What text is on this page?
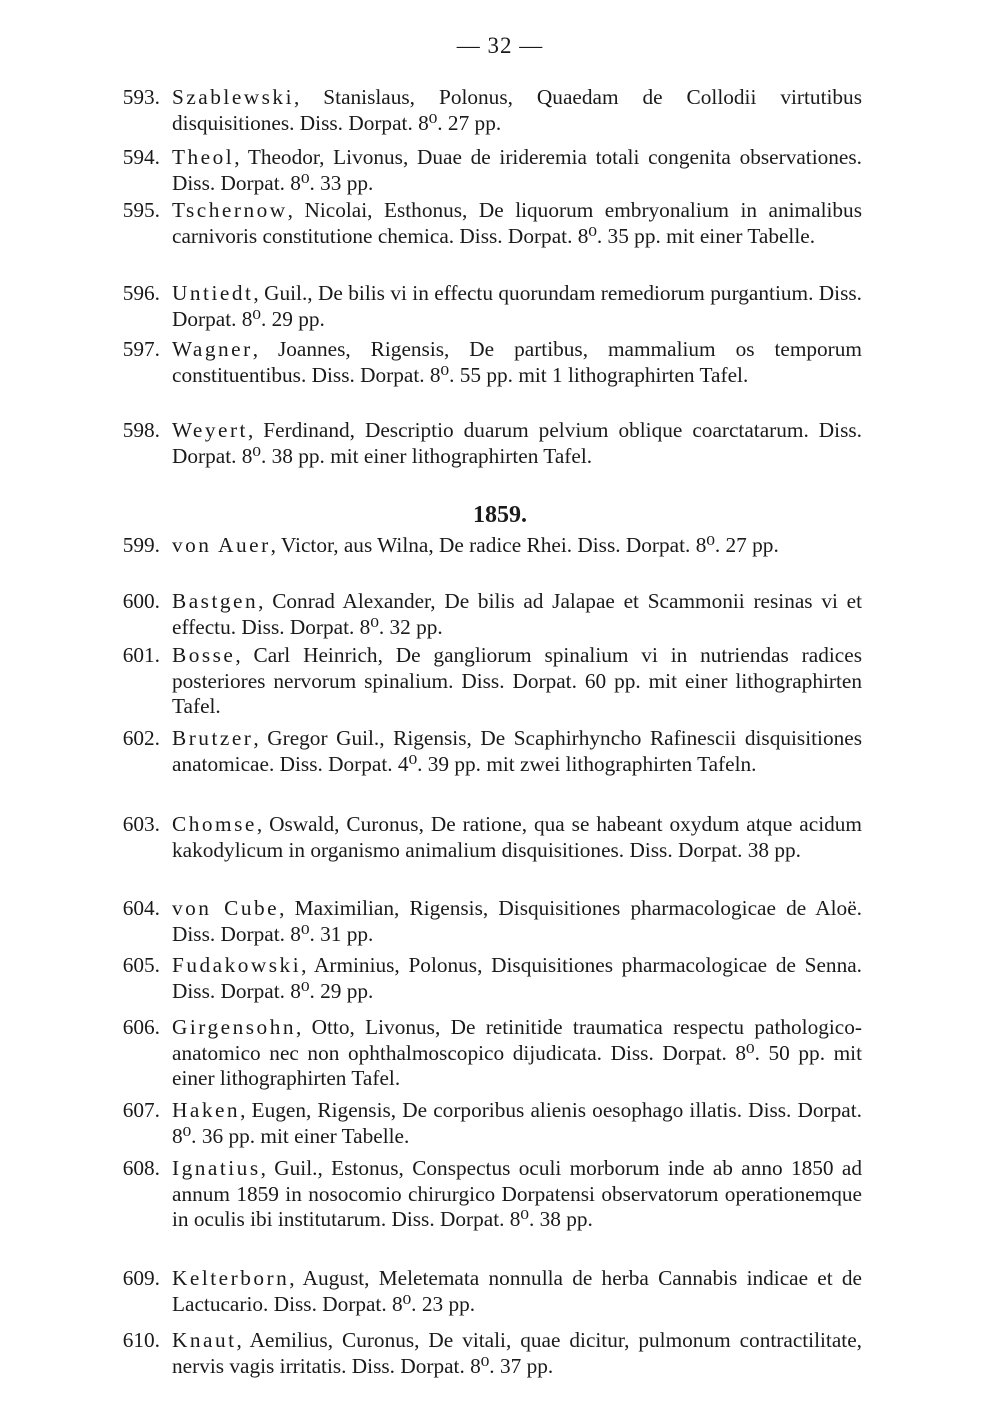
— 32 —
593. Szablewski, Stanislaus, Polonus, Quaedam de Collodii virtutibus disquisitiones. Diss. Dorpat. 8⁰. 27 pp.
594. Theol, Theodor, Livonus, Duae de irideremia totali congenita observationes. Diss. Dorpat. 8⁰. 33 pp.
595. Tschernow, Nicolai, Esthonus, De liquorum embryonalium in animalibus carnivoris constitutione chemica. Diss. Dorpat. 8⁰. 35 pp. mit einer Tabelle.
596. Untiedt, Guil., De bilis vi in effectu quorundam remediorum purgantium. Diss. Dorpat. 8⁰. 29 pp.
597. Wagner, Joannes, Rigensis, De partibus, mammalium os temporum constituentibus. Diss. Dorpat. 8⁰. 55 pp. mit 1 lithographirten Tafel.
598. Weyert, Ferdinand, Descriptio duarum pelvium oblique coarctatarum. Diss. Dorpat. 8⁰. 38 pp. mit einer lithographirten Tafel.
1859.
599. von Auer, Victor, aus Wilna, De radice Rhei. Diss. Dorpat. 8⁰. 27 pp.
600. Bastgen, Conrad Alexander, De bilis ad Jalapae et Scammonii resinas vi et effectu. Diss. Dorpat. 8⁰. 32 pp.
601. Bosse, Carl Heinrich, De gangliorum spinalium vi in nutriendas radices posteriores nervorum spinalium. Diss. Dorpat. 60 pp. mit einer lithographirten Tafel.
602. Brutzer, Gregor Guil., Rigensis, De Scaphirhyncho Rafinescii disquisitiones anatomicae. Diss. Dorpat. 4⁰. 39 pp. mit zwei lithographirten Tafeln.
603. Chomse, Oswald, Curonus, De ratione, qua se habeant oxydum atque acidum kakodylicum in organismo animalium disquisitiones. Diss. Dorpat. 38 pp.
604. von Cube, Maximilian, Rigensis, Disquisitiones pharmacologicae de Aloë. Diss. Dorpat. 8⁰. 31 pp.
605. Fudakowski, Arminius, Polonus, Disquisitiones pharmacologicae de Senna. Diss. Dorpat. 8⁰. 29 pp.
606. Girgensohn, Otto, Livonus, De retinitide traumatica respectu pathologico-anatomico nec non ophthalmoscopico dijudicata. Diss. Dorpat. 8⁰. 50 pp. mit einer lithographirten Tafel.
607. Haken, Eugen, Rigensis, De corporibus alienis oesophago illatis. Diss. Dorpat. 8⁰. 36 pp. mit einer Tabelle.
608. Ignatius, Guil., Estonus, Conspectus oculi morborum inde ab anno 1850 ad annum 1859 in nosocomio chirurgico Dorpatensi observatorum operationemque in oculis ibi institutarum. Diss. Dorpat. 8⁰. 38 pp.
609. Kelterborn, August, Meletemata nonnulla de herba Cannabis indicae et de Lactucario. Diss. Dorpat. 8⁰. 23 pp.
610. Knaut, Aemilius, Curonus, De vitali, quae dicitur, pulmonum contractilitate, nervis vagis irritatis. Diss. Dorpat. 8⁰. 37 pp.
